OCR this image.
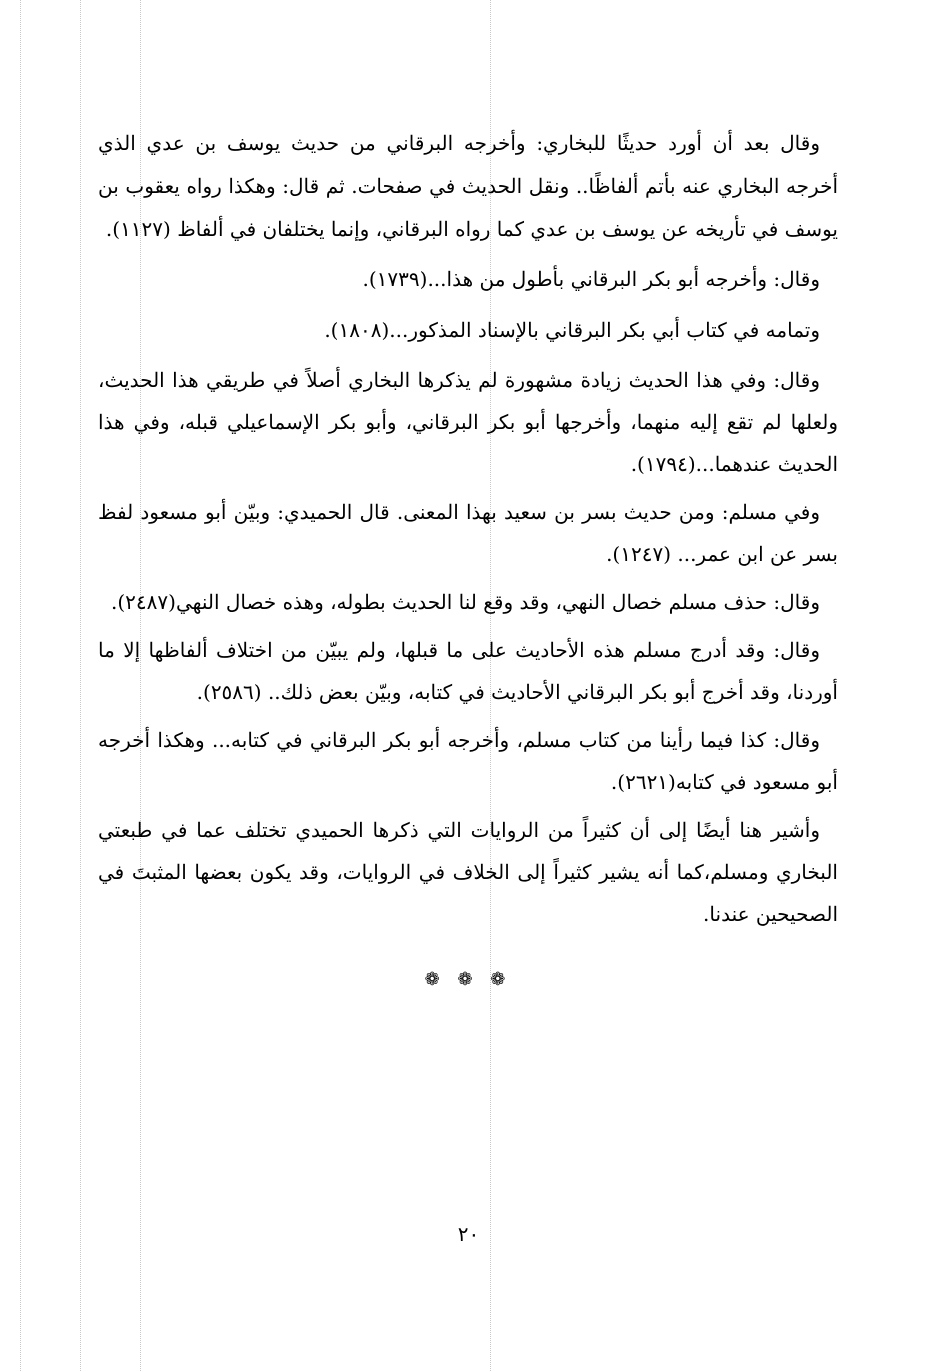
وقال بعد أن أورد حديثًا للبخاري: وأخرجه البرقاني من حديث يوسف بن عدي الذي أخرجه البخاري عنه بأتم ألفاظًا.. ونقل الحديث في صفحات. ثم قال: وهكذا رواه يعقوب بن يوسف في تأريخه عن يوسف بن عدي كما رواه البرقاني، وإنما يختلفان في ألفاظ (١١٢٧).

وقال: وأخرجه أبو بكر البرقاني بأطول من هذا...(١٧٣٩).

وتمامه في كتاب أبي بكر البرقاني بالإسناد المذكور...(١٨٠٨).

وقال: وفي هذا الحديث زيادة مشهورة لم يذكرها البخاري أصلاً في طريقي هذا الحديث، ولعلها لم تقع إليه منهما، وأخرجها أبو بكر البرقاني، وأبو بكر الإسماعيلي قبله، وفي هذا الحديث عندهما...(١٧٩٤).

وفي مسلم: ومن حديث بسر بن سعيد بهذا المعنى. قال الحميدي: وبيّن أبو مسعود لفظ بسر عن ابن عمر... (١٢٤٧).

وقال: حذف مسلم خصال النهي، وقد وقع لنا الحديث بطوله، وهذه خصال النهي(٢٤٨٧).

وقال: وقد أدرج مسلم هذه الأحاديث على ما قبلها، ولم يبيّن من اختلاف ألفاظها إلا ما أوردنا، وقد أخرج أبو بكر البرقاني الأحاديث في كتابه، وبيّن بعض ذلك.. (٢٥٨٦).

وقال: كذا فيما رأينا من كتاب مسلم، وأخرجه أبو بكر البرقاني في كتابه... وهكذا أخرجه أبو مسعود في كتابه(٢٦٢١).

وأشير هنا أيضًا إلى أن كثيراً من الروايات التي ذكرها الحميدي تختلف عما في طبعتي البخاري ومسلم،كما أنه يشير كثيراً إلى الخلاف في الروايات، وقد يكون بعضها المثبتَ في الصحيحين عندنا.

❁ ❁ ❁
٢٠
